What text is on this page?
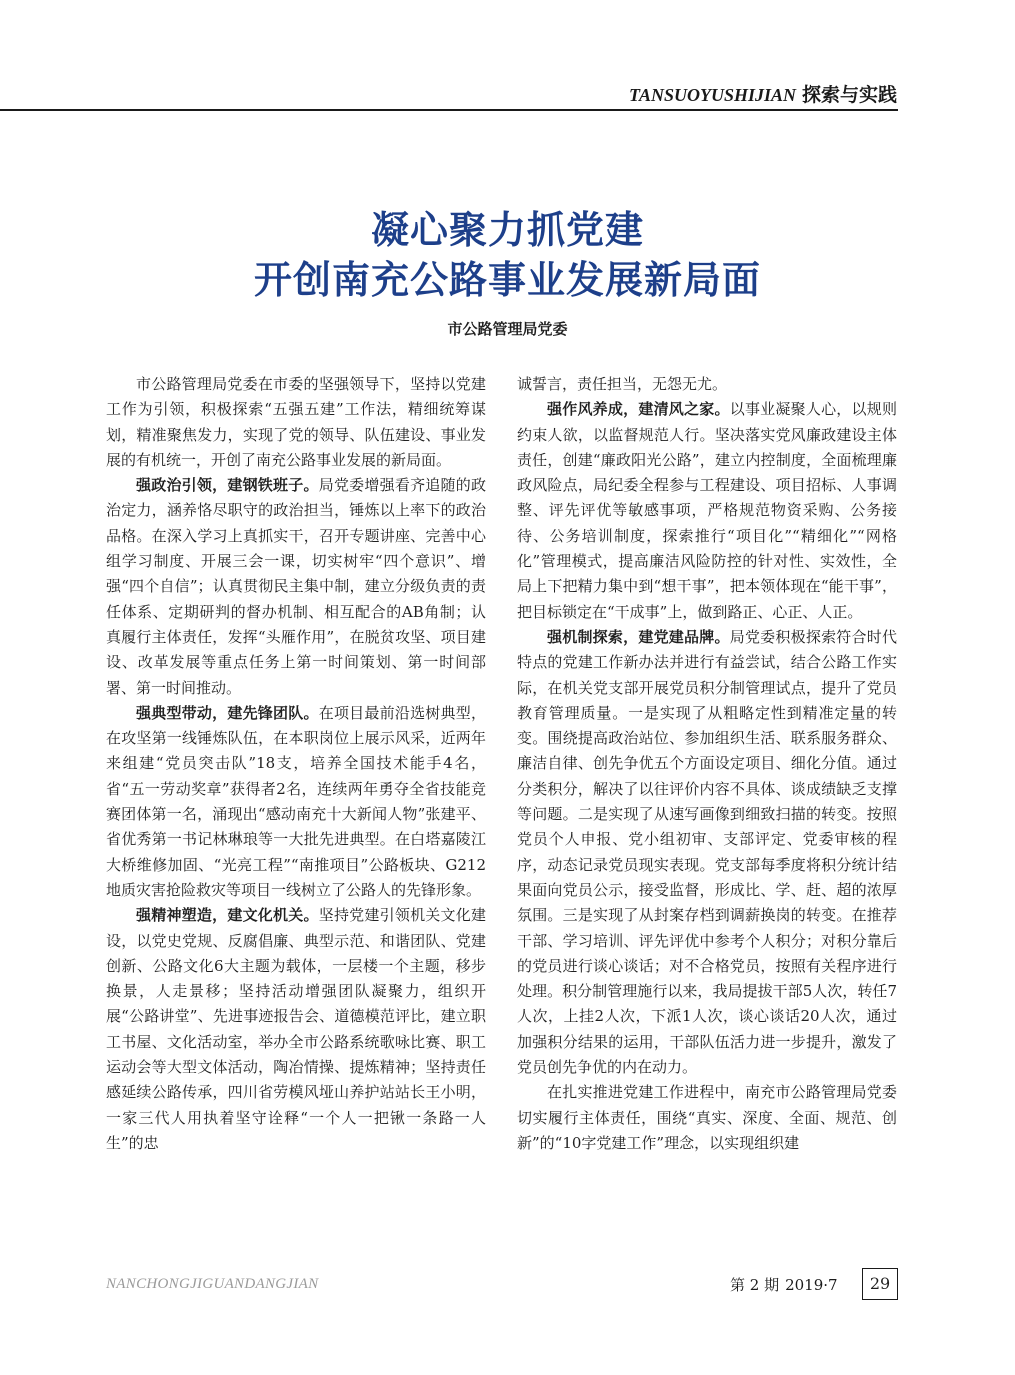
TANSUOYUSHIJIAN 探索与实践
凝心聚力抓党建
开创南充公路事业发展新局面
市公路管理局党委

市公路管理局党委在市委的坚强领导下，坚持以党建工作为引领，积极探索“五强五建”工作法，精细统筹谋划，精准聚焦发力，实现了党的领导、队伍建设、事业发展的有机统一，开创了南充公路事业发展的新局面。

强政治引领，建钢铁班子。局党委增强看齐追随的政治定力，涵养恪尽职守的政治担当，锤炼以上率下的政治品格。在深入学习上真抓实干，召开专题讲座、完善中心组学习制度、开展三会一课，切实树牢“四个意识”、增强“四个自信”；认真贯彻民主集中制，建立分级负责的责任体系、定期研判的督办机制、相互配合的AB角制；认真履行主体责任，发挥“头雁作用”，在脱贫攻坚、项目建设、改革发展等重点任务上第一时间策划、第一时间部署、第一时间推动。

强典型带动，建先锋团队。在项目最前沿选树典型，在攻坚第一线锤炼队伍，在本职岗位上展示风采，近两年来组建“党员突击队”18支，培养全国技术能手4名，省“五一劳动奖章”获得者2名，连续两年勇夺全省技能竞赛团体第一名，涌现出“感动南充十大新闻人物”张建平、省优秀第一书记林琳琅等一大批先进典型。在白塔嘉陵江大桥维修加固、“光亮工程”“南推项目”公路板块、G212地质灾害抢险救灾等项目一线树立了公路人的先锋形象。

强精神塑造，建文化机关。坚持党建引领机关文化建设，以党史党规、反腐倡廉、典型示范、和谐团队、党建创新、公路文化6大主题为载体，一层楼一个主题，移步换景，人走景移；坚持活动增强团队凝聚力，组织开展“公路讲堂”、先进事迹报告会、道德模范评比，建立职工书屋、文化活动室，举办全市公路系统歌咏比赛、职工运动会等大型文体活动，陶冶情操、提炼精神；坚持责任感延续公路传承，四川省劳模风垭山养护站站长王小明，一家三代人用执着坚守诠释“一个人一把锹一条路一人生”的忠

诚誓言，责任担当，无怨无尤。

强作风养成，建清风之家。以事业凝聚人心，以规则约束人欲，以监督规范人行。坚决落实党风廉政建设主体责任，创建“廉政阳光公路”，建立内控制度，全面梳理廉政风险点，局纪委全程参与工程建设、项目招标、人事调整、评先评优等敏感事项，严格规范物资采购、公务接待、公务培训制度，探索推行“项目化”“精细化”“网格化”管理模式，提高廉洁风险防控的针对性、实效性，全局上下把精力集中到“想干事”，把本领体现在“能干事”，把目标锁定在“干成事”上，做到路正、心正、人正。

强机制探索，建党建品牌。局党委积极探索符合时代特点的党建工作新办法并进行有益尝试，结合公路工作实际，在机关党支部开展党员积分制管理试点，提升了党员教育管理质量。一是实现了从粗略定性到精准定量的转变。围绕提高政治站位、参加组织生活、联系服务群众、廉洁自律、创先争优五个方面设定项目、细化分值。通过分类积分，解决了以往评价内容不具体、谈成绩缺乏支撑等问题。二是实现了从速写画像到细致扫描的转变。按照党员个人申报、党小组初审、支部评定、党委审核的程序，动态记录党员现实表现。党支部每季度将积分统计结果面向党员公示，接受监督，形成比、学、赶、超的浓厚氛围。三是实现了从封案存档到调薪换岗的转变。在推荐干部、学习培训、评先评优中参考个人积分；对积分靠后的党员进行谈心谈话；对不合格党员，按照有关程序进行处理。积分制管理施行以来，我局提拔干部5人次，转任7人次，上挂2人次，下派1人次，谈心谈话20人次，通过加强积分结果的运用，干部队伍活力进一步提升，激发了党员创先争优的内在动力。

在扎实推进党建工作进程中，南充市公路管理局党委切实履行主体责任，围绕“真实、深度、全面、规范、创新”的“10字党建工作”理念，以实现组织建

NANCHONGJIGUANDANGJIAN	第 2 期 2019·7	29
